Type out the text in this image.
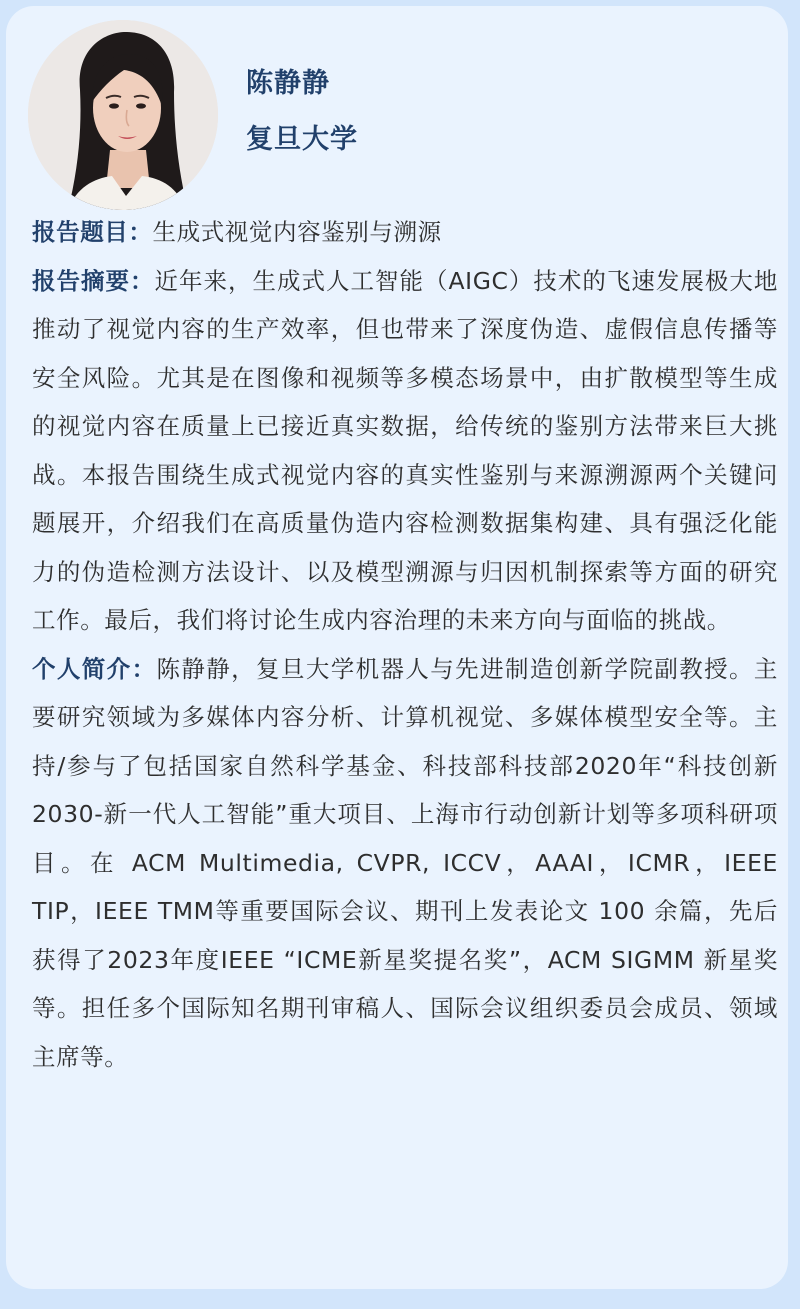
陈静静
复旦大学

报告题目：生成式视觉内容鉴别与溯源

报告摘要：近年来，生成式人工智能（AIGC）技术的飞速发展极大地推动了视觉内容的生产效率，但也带来了深度伪造、虚假信息传播等安全风险。尤其是在图像和视频等多模态场景中，由扩散模型等生成的视觉内容在质量上已接近真实数据，给传统的鉴别方法带来巨大挑战。本报告围绕生成式视觉内容的真实性鉴别与来源溯源两个关键问题展开，介绍我们在高质量伪造内容检测数据集构建、具有强泛化能力的伪造检测方法设计、以及模型溯源与归因机制探索等方面的研究工作。最后，我们将讨论生成内容治理的未来方向与面临的挑战。

个人简介：陈静静，复旦大学机器人与先进制造创新学院副教授。主要研究领域为多媒体内容分析、计算机视觉、多媒体模型安全等。主持/参与了包括国家自然科学基金、科技部科技部2020年“科技创新2030-新一代人工智能”重大项目、上海市行动创新计划等多项科研项目。在 ACM Multimedia, CVPR, ICCV，AAAI，ICMR，IEEE TIP，IEEE TMM等重要国际会议、期刊上发表论文 100 余篇，先后获得了2023年度IEEE “ICME新星奖提名奖”，ACM SIGMM 新星奖等。担任多个国际知名期刊审稿人、国际会议组织委员会成员、领域主席等。
